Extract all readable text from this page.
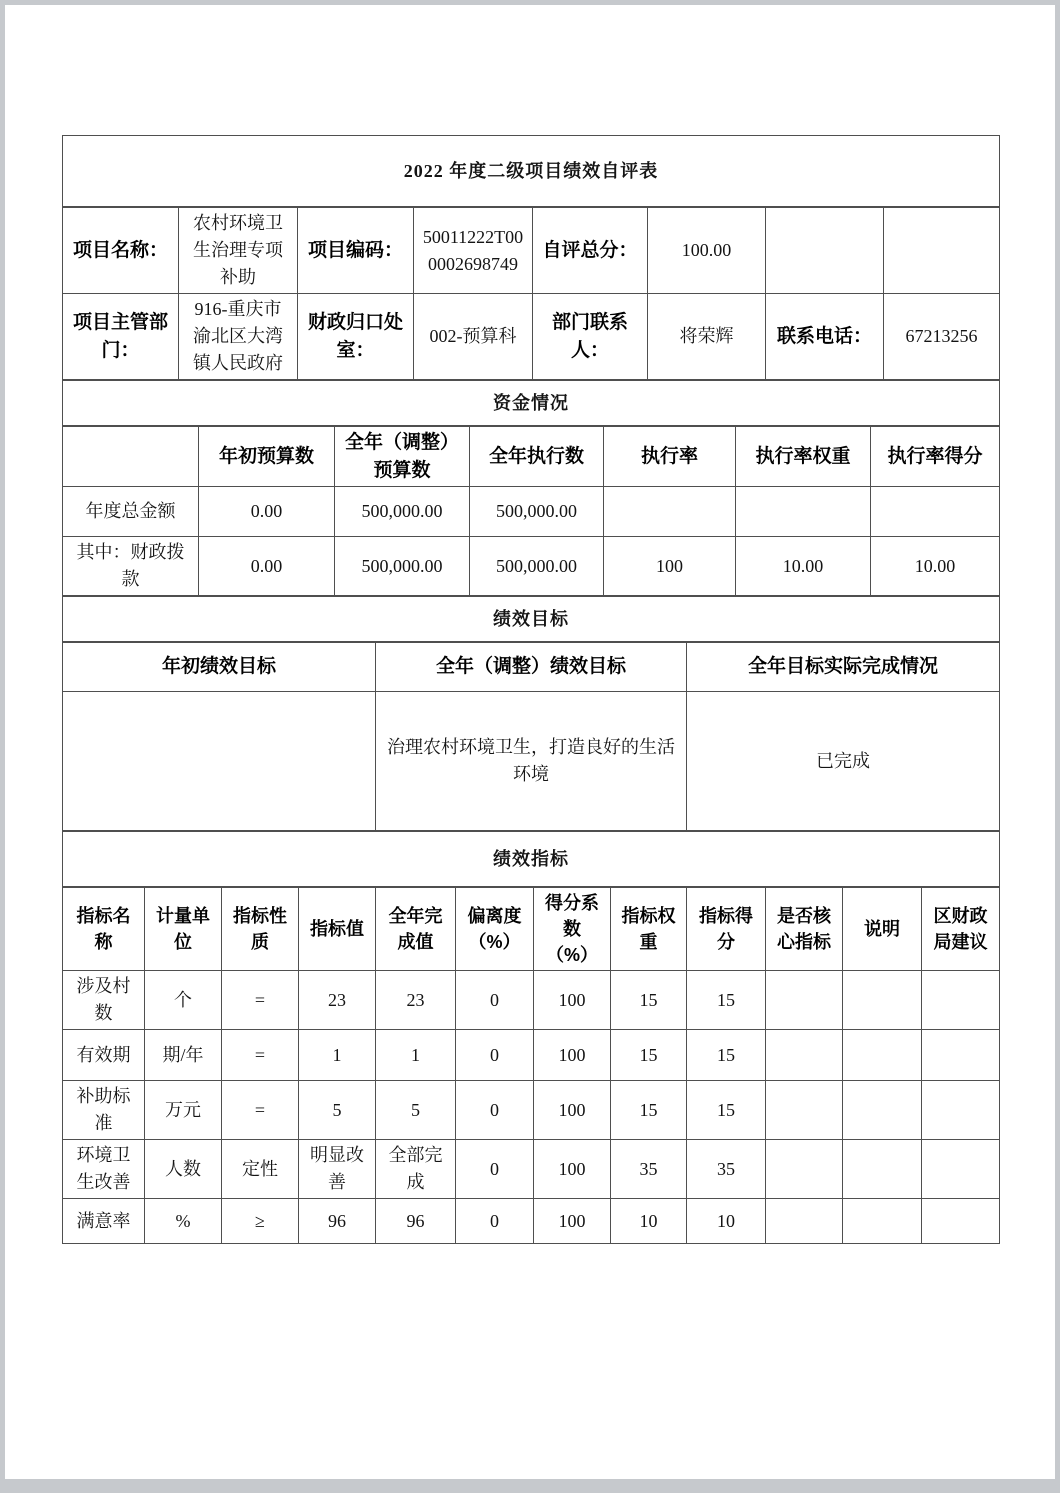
2022 年度二级项目绩效自评表
项目名称：	农村环境卫生治理专项补助	项目编码：	50011222T000002698749	自评总分：	100.00		
项目主管部门：	916-重庆市渝北区大湾镇人民政府	财政归口处室：	002-预算科	部门联系人：	将荣辉	联系电话：	67213256
资金情况
	年初预算数	全年（调整）预算数	全年执行数	执行率	执行率权重	执行率得分
年度总金额	0.00	500,000.00	500,000.00			
其中：财政拨款	0.00	500,000.00	500,000.00	100	10.00	10.00
绩效目标
年初绩效目标	全年（调整）绩效目标	全年目标实际完成情况
	治理农村环境卫生，打造良好的生活环境	已完成
绩效指标
指标名称	计量单位	指标性质	指标值	全年完成值	偏离度（%）	得分系数（%）	指标权重	指标得分	是否核心指标	说明	区财政局建议
涉及村数	个	=	23	23	0	100	15	15			
有效期	期/年	=	1	1	0	100	15	15			
补助标准	万元	=	5	5	0	100	15	15			
环境卫生改善	人数	定性	明显改善	全部完成	0	100	35	35			
满意率	%	≥	96	96	0	100	10	10			
